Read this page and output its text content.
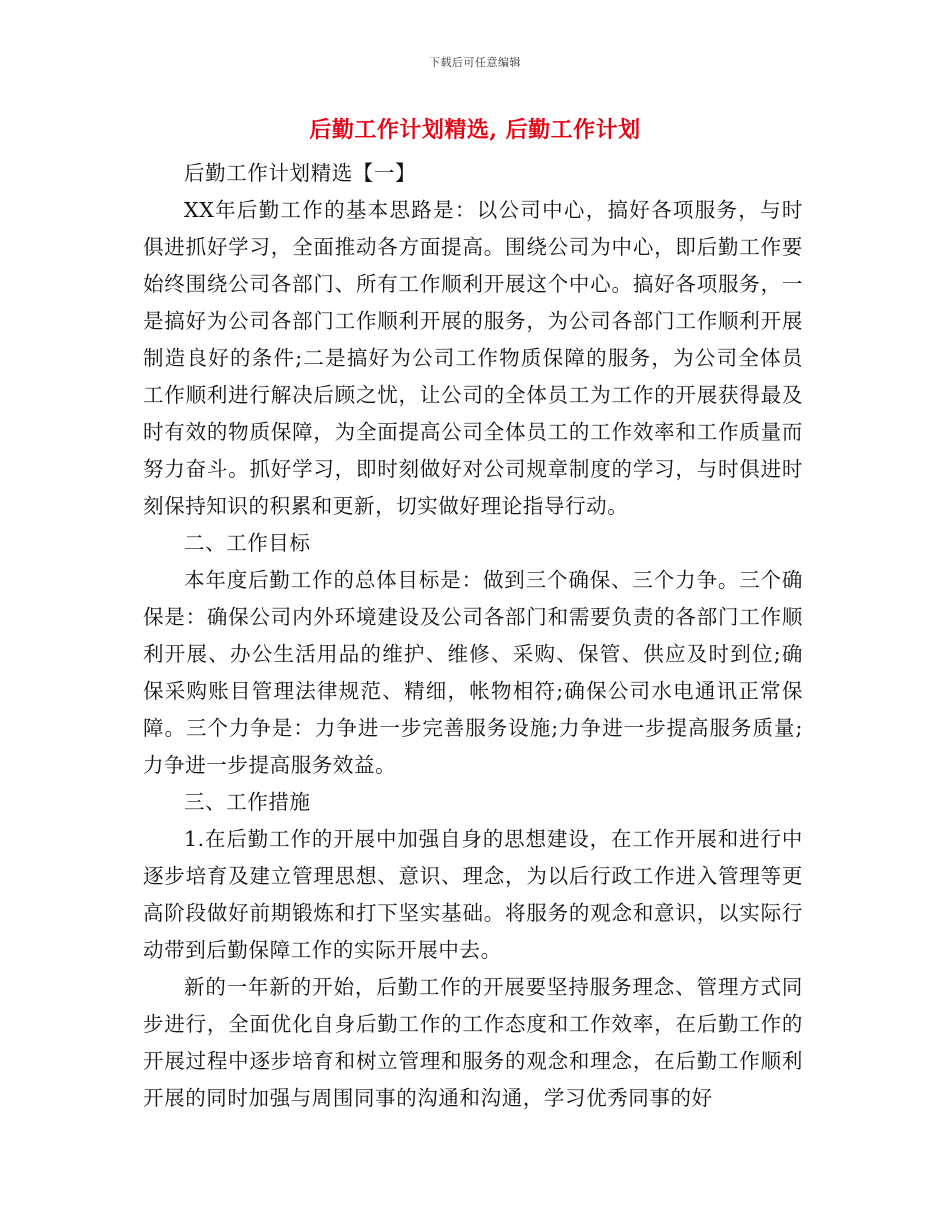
下载后可任意编辑
后勤工作计划精选, 后勤工作计划

后勤工作计划精选【一】

XX年后勤工作的基本思路是：以公司中心，搞好各项服务，与时俱进抓好学习，全面推动各方面提高。围绕公司为中心，即后勤工作要始终围绕公司各部门、所有工作顺利开展这个中心。搞好各项服务，一是搞好为公司各部门工作顺利开展的服务，为公司各部门工作顺利开展制造良好的条件;二是搞好为公司工作物质保障的服务，为公司全体员工作顺利进行解决后顾之忧，让公司的全体员工为工作的开展获得最及时有效的物质保障，为全面提高公司全体员工的工作效率和工作质量而努力奋斗。抓好学习，即时刻做好对公司规章制度的学习，与时俱进时刻保持知识的积累和更新，切实做好理论指导行动。

二、工作目标

本年度后勤工作的总体目标是：做到三个确保、三个力争。三个确保是：确保公司内外环境建设及公司各部门和需要负责的各部门工作顺利开展、办公生活用品的维护、维修、采购、保管、供应及时到位;确保采购账目管理法律规范、精细，帐物相符;确保公司水电通讯正常保障。三个力争是：力争进一步完善服务设施;力争进一步提高服务质量;力争进一步提高服务效益。

三、工作措施

1.在后勤工作的开展中加强自身的思想建设，在工作开展和进行中逐步培育及建立管理思想、意识、理念，为以后行政工作进入管理等更高阶段做好前期锻炼和打下坚实基础。将服务的观念和意识，以实际行动带到后勤保障工作的实际开展中去。

新的一年新的开始，后勤工作的开展要坚持服务理念、管理方式同步进行，全面优化自身后勤工作的工作态度和工作效率，在后勤工作的开展过程中逐步培育和树立管理和服务的观念和理念，在后勤工作顺利开展的同时加强与周围同事的沟通和沟通，学习优秀同事的好
